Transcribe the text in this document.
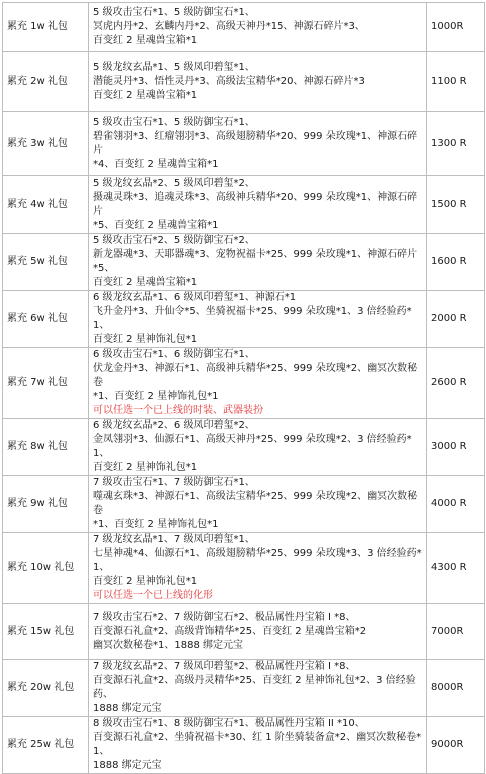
累充 1w 礼包	5 级攻击宝石*1、5 级防御宝石*1、
冥虎内丹*2、玄麟内丹*2、高级天神丹*15、神源石碎片*3、
百变红 2 星魂兽宝箱*1	1000R
累充 2w 礼包	5 级龙纹玄晶*1、5 级凤印碧玺*1、
潜能灵丹*3、悟性灵丹*3、高级法宝精华*20、神源石碎片*3
百变红 2 星魂兽宝箱*1	1100 R
累充 3w 礼包	5 级攻击宝石*1、5 级防御宝石*1、
碧雀翎羽*3、红瘤翎羽*3、高级翅膀精华*20、999 朵玫瑰*1、神源石碎片
*4、百变红 2 星魂兽宝箱*1	1300 R
累充 4w 礼包	5 级龙纹玄晶*2、5 级凤印碧玺*2、
摄魂灵珠*3、追魂灵珠*3、高级神兵精华*20、999 朵玫瑰*1、神源石碎片
*5、百变红 2 星魂兽宝箱*1	1500 R
累充 5w 礼包	5 级攻击宝石*2、5 级防御宝石*2、
新龙器魂*3、天耶器魂*3、宠物祝福卡*25、999 朵玫瑰*1、神源石碎片*5、
百变红 2 星魂兽宝箱*1	1600 R
累充 6w 礼包	6 级龙纹玄晶*1、6 级凤印碧玺*1、神源石*1
飞升金丹*3、升仙令*5、坐骑祝福卡*25、999 朵玫瑰*1、3 倍经验药*1、
百变红 2 星神饰礼包*1	2000 R
累充 7w 礼包	6 级攻击宝石*1、6 级防御宝石*1、
伏龙金丹*3、神源石*1、高级神兵精华*25、999 朵玫瑰*2、幽冥次数秘卷
*1、百变红 2 星神饰礼包*1
可以任选一个已上线的时装、武器装扮	2600 R
累充 8w 礼包	6 级龙纹玄晶*2、6 级凤印碧玺*2、
金凤翎羽*3、仙源石*1、高级天神丹*25、999 朵玫瑰*2、3 倍经验药*1、
百变红 2 星神饰礼包*1	3000 R
累充 9w 礼包	7 级攻击宝石*1、7 级防御宝石*1、
噬魂玄珠*3、神源石*1、高级法宝精华*25、999 朵玫瑰*2、幽冥次数秘卷
*1、百变红 2 星神饰礼包*1	4000 R
累充 10w 礼包	7 级龙纹玄晶*1、7 级凤印碧玺*1、
七星神魂*4、仙源石*1、高级翅膀精华*25、999 朵玫瑰*3、3 倍经验药*1、
百变红 2 星神饰礼包*1
可以任选一个已上线的化形	4300 R
累充 15w 礼包	7 级攻击宝石*2、7 级防御宝石*2、极品属性丹宝箱 I *8、
百变源石礼盒*2、高级背饰精华*25、百变红 2 星魂兽宝箱*2
幽冥次数秘卷*1、1888 绑定元宝	7000R
累充 20w 礼包	7 级龙纹玄晶*2、7 级凤印碧玺*2、极品属性丹宝箱 I *8、
百变源石礼盒*2、高级丹灵精华*25、百变红 2 星神饰礼包*2、3 倍经验药、
1888 绑定元宝	8000R
累充 25w 礼包	8 级攻击宝石*1、8 级防御宝石*1、极品属性丹宝箱 II *10、
百变源石礼盒*2、坐骑祝福卡*30、红 1 阶坐骑装备盒*2、幽冥次数秘卷*1、
1888 绑定元宝	9000R
